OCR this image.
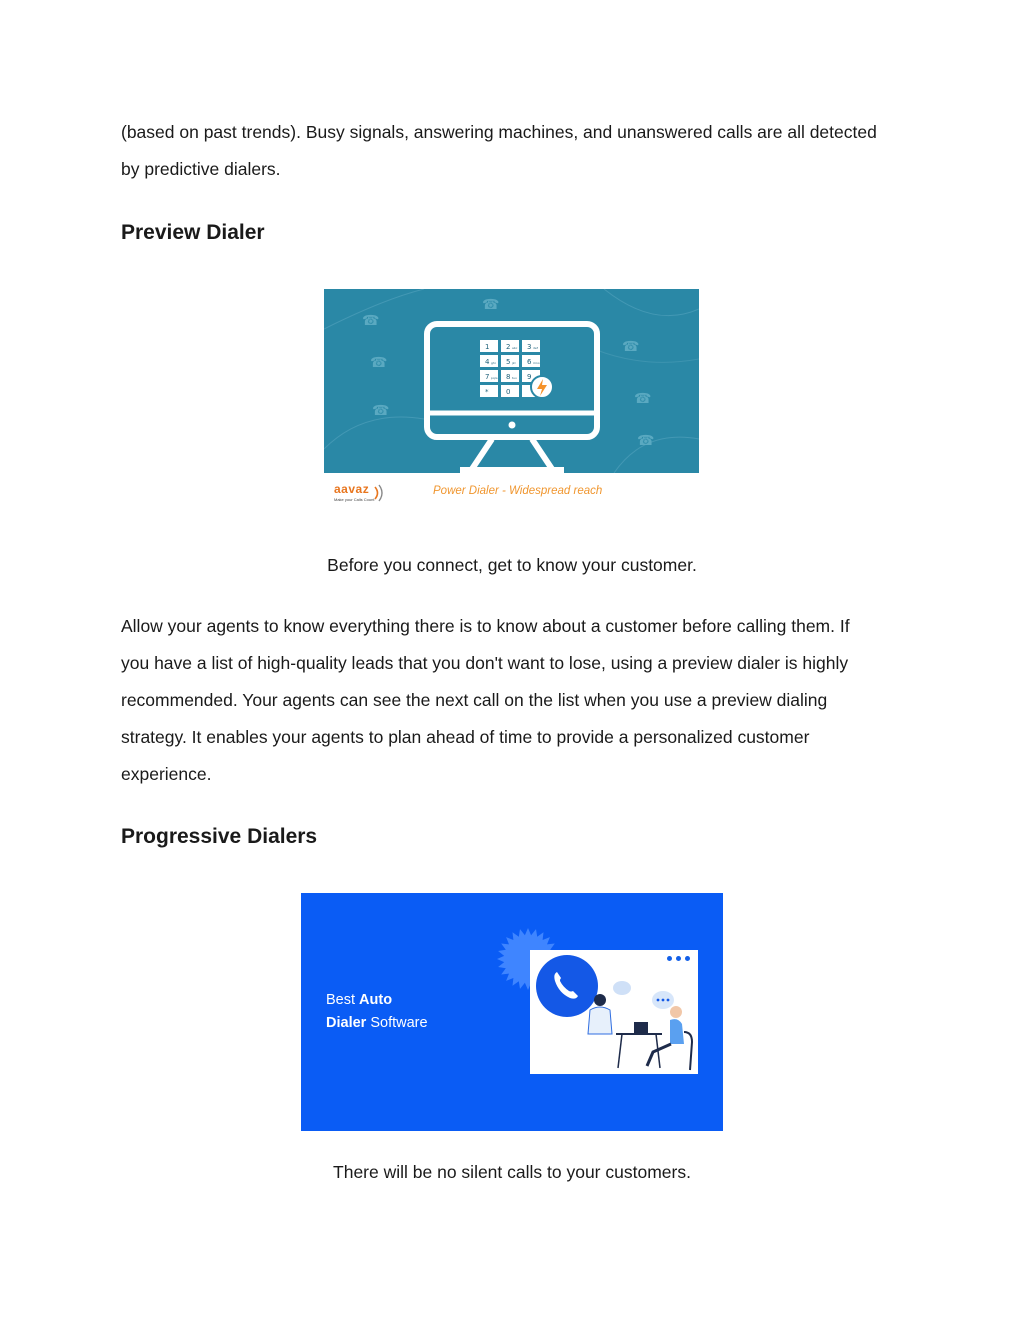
(based on past trends). Busy signals, answering machines, and unanswered calls are all detected

by predictive dialers.

Preview Dialer
☎
☎
☎
☎
☎
☎
☎
1 2 abc 3 def
4 ghi 5 jkl 6 mno
7 pqrs 8 tuv 9
*	0
aavaz
Make your Calls Count
Power Dialer - Widespread reach

Before you connect, get to know your customer.

Allow your agents to know everything there is to know about a customer before calling them. If

you have a list of high-quality leads that you don't want to lose, using a preview dialer is highly

recommended. Your agents can see the next call on the list when you use a preview dialing

strategy. It enables your agents to plan ahead of time to provide a personalized customer

experience.

Progressive Dialers
Best Auto
Dialer Software

There will be no silent calls to your customers.
